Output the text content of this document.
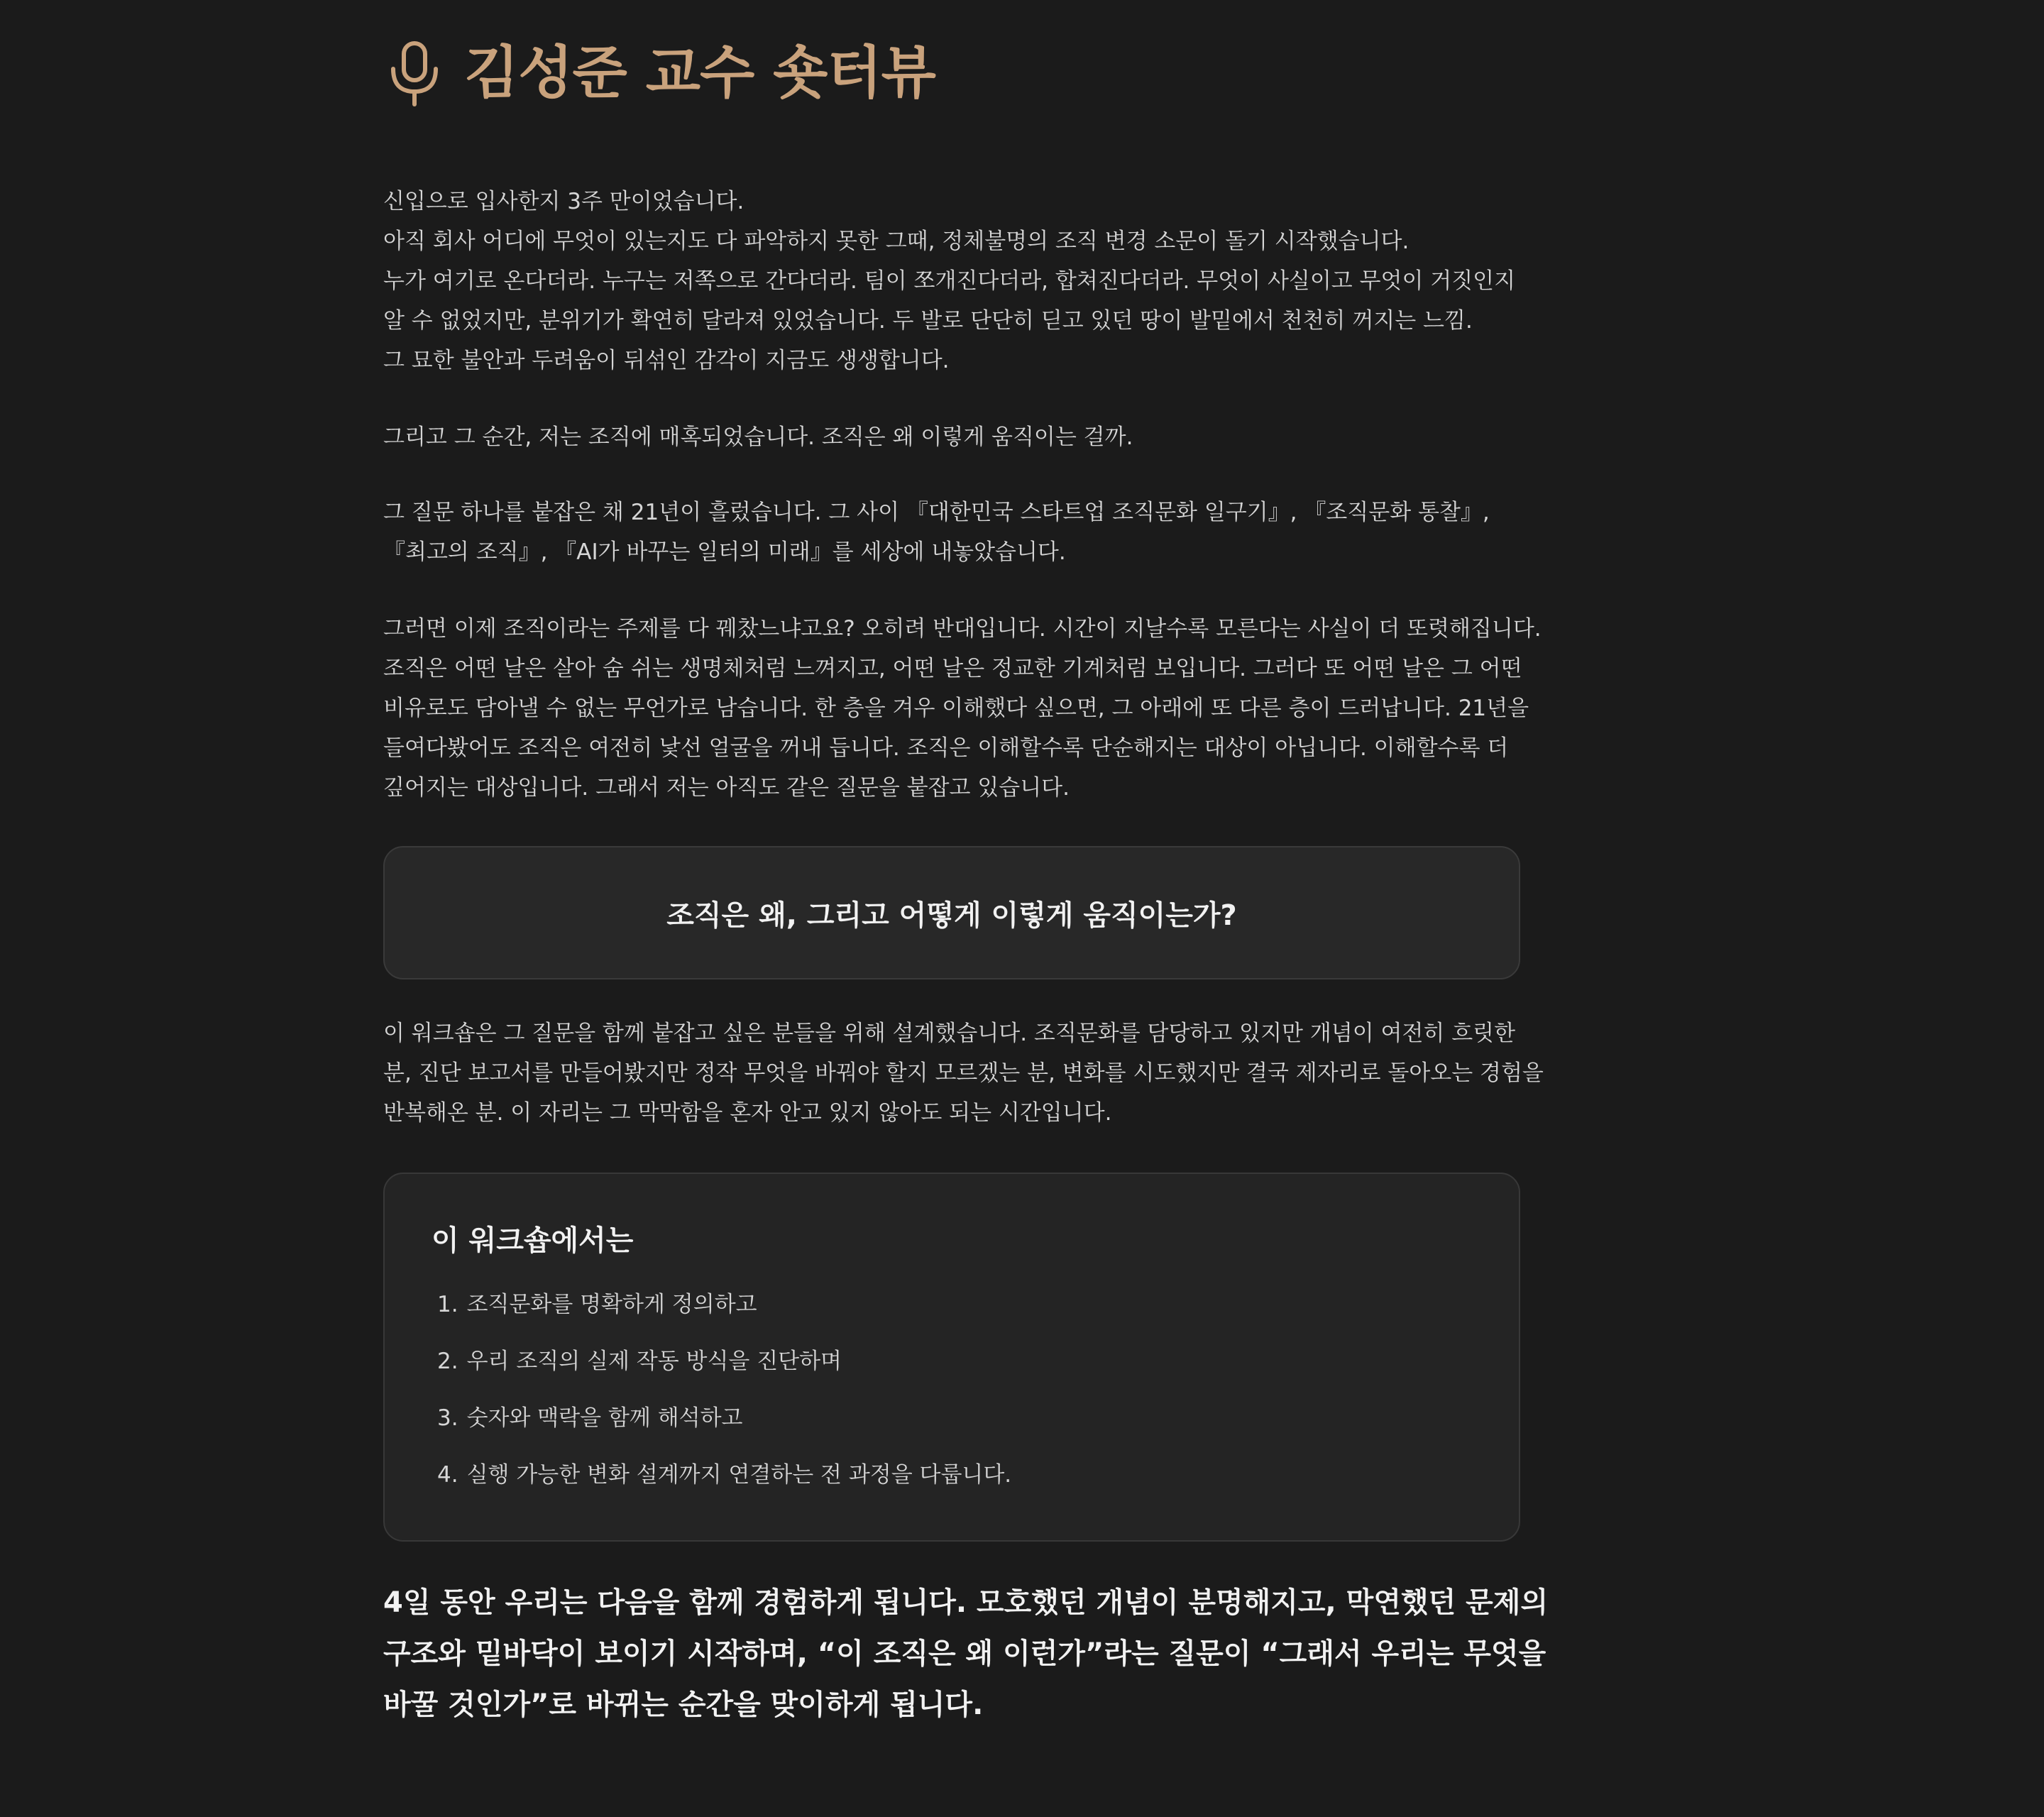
김성준 교수 숏터뷰
신입으로 입사한지 3주 만이었습니다.
아직 회사 어디에 무엇이 있는지도 다 파악하지 못한 그때, 정체불명의 조직 변경 소문이 돌기 시작했습니다.
누가 여기로 온다더라. 누구는 저쪽으로 간다더라. 팀이 쪼개진다더라, 합쳐진다더라. 무엇이 사실이고 무엇이 거짓인지
알 수 없었지만, 분위기가 확연히 달라져 있었습니다. 두 발로 단단히 딛고 있던 땅이 발밑에서 천천히 꺼지는 느낌.
그 묘한 불안과 두려움이 뒤섞인 감각이 지금도 생생합니다.
그리고 그 순간, 저는 조직에 매혹되었습니다. 조직은 왜 이렇게 움직이는 걸까.
그 질문 하나를 붙잡은 채 21년이 흘렀습니다. 그 사이 『대한민국 스타트업 조직문화 일구기』, 『조직문화 통찰』,
『최고의 조직』, 『AI가 바꾸는 일터의 미래』를 세상에 내놓았습니다.
그러면 이제 조직이라는 주제를 다 꿰찼느냐고요? 오히려 반대입니다. 시간이 지날수록 모른다는 사실이 더 또렷해집니다.
조직은 어떤 날은 살아 숨 쉬는 생명체처럼 느껴지고, 어떤 날은 정교한 기계처럼 보입니다. 그러다 또 어떤 날은 그 어떤
비유로도 담아낼 수 없는 무언가로 남습니다. 한 층을 겨우 이해했다 싶으면, 그 아래에 또 다른 층이 드러납니다. 21년을
들여다봤어도 조직은 여전히 낯선 얼굴을 꺼내 듭니다. 조직은 이해할수록 단순해지는 대상이 아닙니다. 이해할수록 더
깊어지는 대상입니다. 그래서 저는 아직도 같은 질문을 붙잡고 있습니다.
조직은 왜, 그리고 어떻게 이렇게 움직이는가?
이 워크숍은 그 질문을 함께 붙잡고 싶은 분들을 위해 설계했습니다. 조직문화를 담당하고 있지만 개념이 여전히 흐릿한
분, 진단 보고서를 만들어봤지만 정작 무엇을 바꿔야 할지 모르겠는 분, 변화를 시도했지만 결국 제자리로 돌아오는 경험을
반복해온 분. 이 자리는 그 막막함을 혼자 안고 있지 않아도 되는 시간입니다.
이 워크숍에서는
1. 조직문화를 명확하게 정의하고
2. 우리 조직의 실제 작동 방식을 진단하며
3. 숫자와 맥락을 함께 해석하고
4. 실행 가능한 변화 설계까지 연결하는 전 과정을 다룹니다.
4일 동안 우리는 다음을 함께 경험하게 됩니다. 모호했던 개념이 분명해지고, 막연했던 문제의
구조와 밑바닥이 보이기 시작하며, “이 조직은 왜 이런가”라는 질문이 “그래서 우리는 무엇을
바꿀 것인가”로 바뀌는 순간을 맞이하게 됩니다.
